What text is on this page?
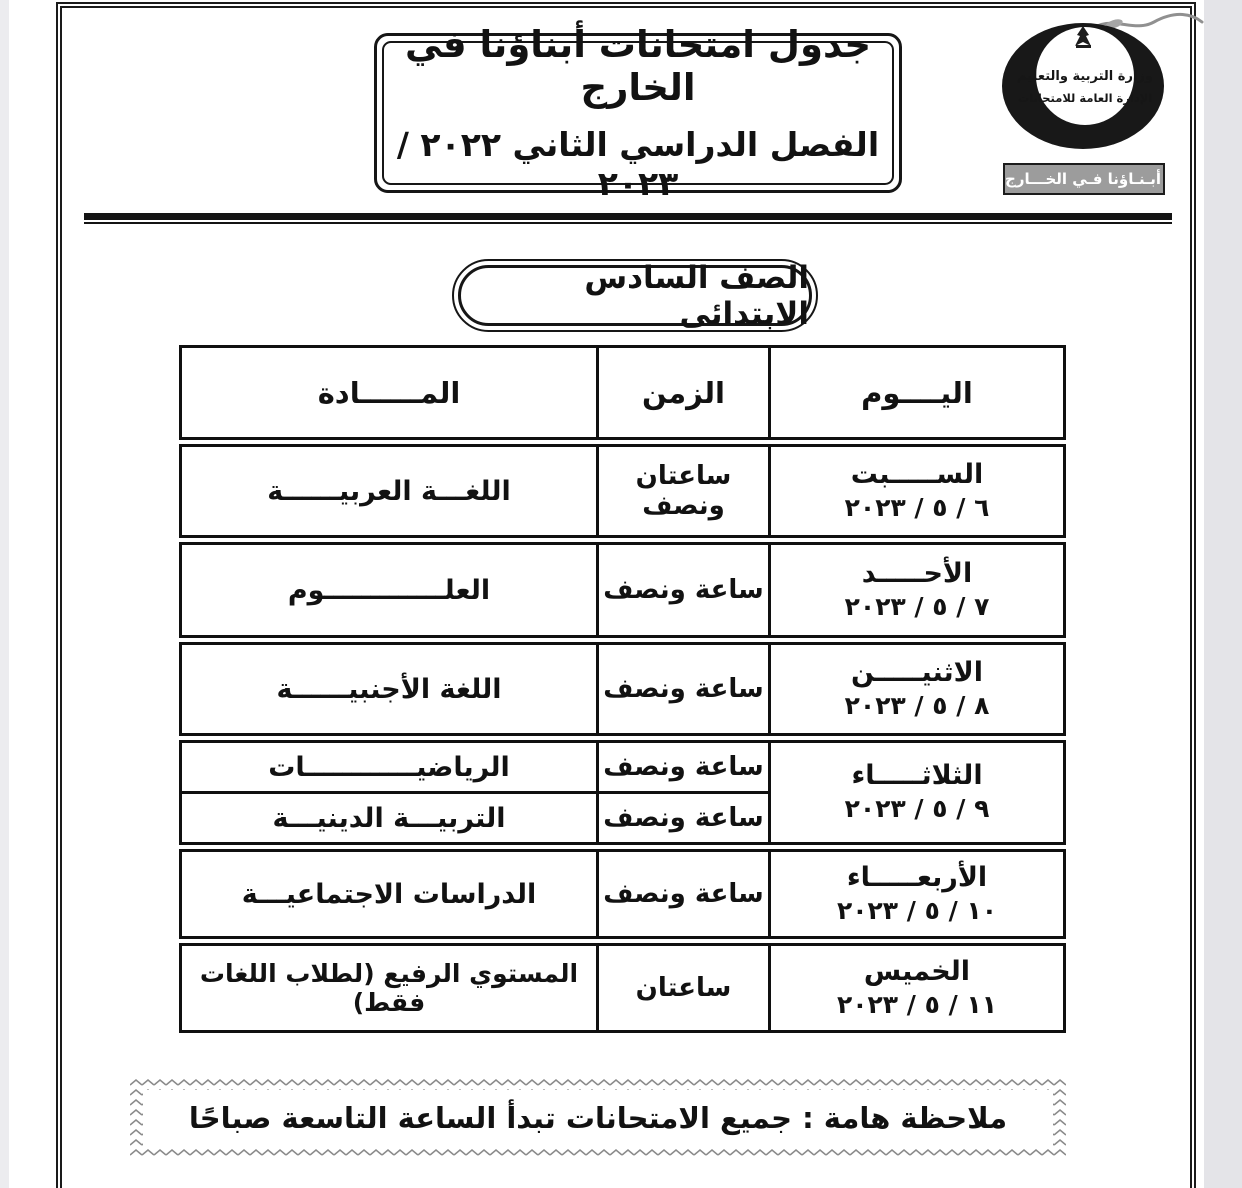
جدول امتحانات أبناؤنا في الخارج
الفصل الدراسي الثاني ٢٠٢٢ / ٢٠٢٣
وزارة التربية والتعليم
الإدارة العامة للامتحانات
أبـنـاؤنا فـي الخـــارج
الصف السادس الابتدائى
اليــــوم
الزمن
المــــــادة
الســـــبت
٦ / ٥ / ٢٠٢٣
ساعتان ونصف
اللغـــة العربيــــــة
الأحـــــد
٧ / ٥ / ٢٠٢٣
ساعة ونصف
العلـــــــــــــوم
الاثنيـــــن
٨ / ٥ / ٢٠٢٣
ساعة ونصف
اللغة الأجنبيــــــة
الثلاثـــــاء
٩ / ٥ / ٢٠٢٣
ساعة ونصف
الرياضيــــــــــــات
ساعة ونصف
التربيـــة الدينيـــة
الأربعـــــاء
١٠ / ٥ / ٢٠٢٣
ساعة ونصف
الدراسات الاجتماعيـــة
الخميس
١١ / ٥ / ٢٠٢٣
ساعتان
المستوي الرفيع (لطلاب اللغات فقط)
ملاحظة هامة : جميع الامتحانات تبدأ الساعة التاسعة صباحًا
